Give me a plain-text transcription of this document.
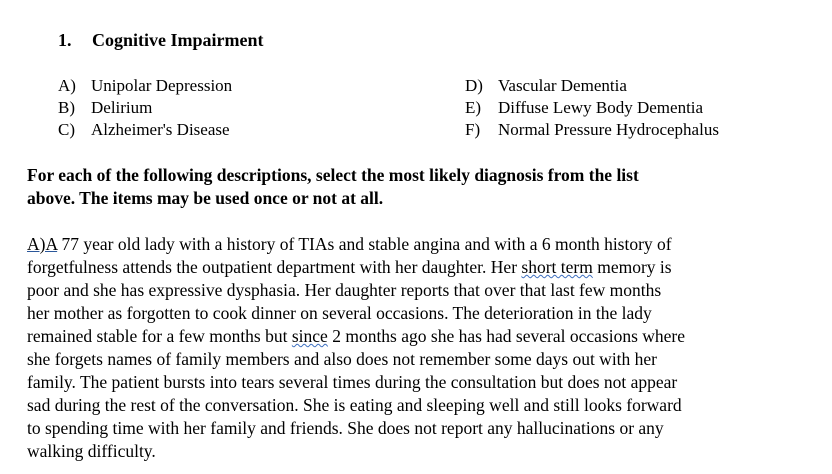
1. Cognitive Impairment
A) Unipolar Depression
B) Delirium
C) Alzheimer's Disease
D) Vascular Dementia
E) Diffuse Lewy Body Dementia
F) Normal Pressure Hydrocephalus
For each of the following descriptions, select the most likely diagnosis from the list
above. The items may be used once or not at all.

A)A 77 year old lady with a history of TIAs and stable angina and with a 6 month history of

forgetfulness attends the outpatient department with her daughter. Her short term memory is

poor and she has expressive dysphasia. Her daughter reports that over that last few months

her mother as forgotten to cook dinner on several occasions. The deterioration in the lady

remained stable for a few months but since 2 months ago she has had several occasions where

she forgets names of family members and also does not remember some days out with her

family. The patient bursts into tears several times during the consultation but does not appear

sad during the rest of the conversation. She is eating and sleeping well and still looks forward

to spending time with her family and friends. She does not report any hallucinations or any

walking difficulty.
